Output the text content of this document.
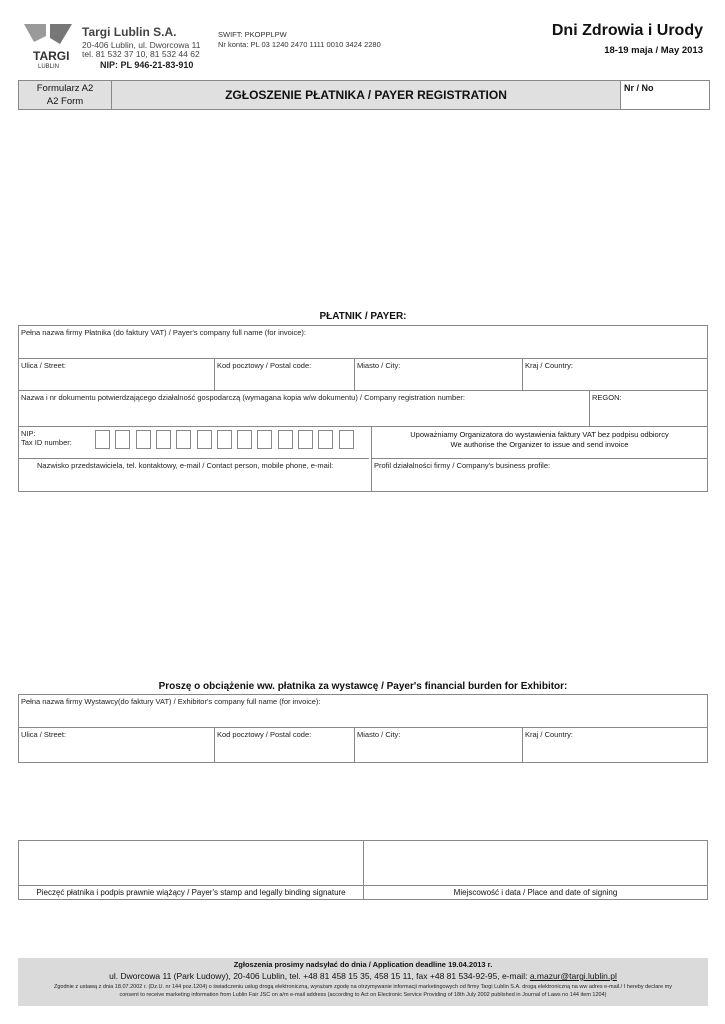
TARGI
LUBLIN
Targi Lublin S.A.
20-406 Lublin, ul. Dworcowa 11
tel. 81 532 37 10, 81 532 44 62
NIP: PL 946-21-83-910
SWIFT: PKOPPLPW
Nr konta: PL 03 1240 2470 1111 0010 3424 2280
Dni Zdrowia i Urody
18-19 maja / May 2013
Formularz A2
A2 Form	ZGŁOSZENIE PŁATNIKA / PAYER REGISTRATION	Nr / No
PŁATNIK / PAYER:
Pełna nazwa firmy Płatnika (do faktury VAT) / Payer's company full name (for invoice):
Ulica / Street:	Kod pocztowy / Postal code:	Miasto / City:	Kraj / Country:
Nazwa i nr dokumentu potwierdzającego działalność gospodarczą (wymagana kopia w/w dokumentu) / Company registration number:	REGON:
NIP:
Tax ID number:
Upoważniamy Organizatora do wystawienia faktury VAT bez podpisu odbiorcy
We authorise the Organizer to issue and send invoice
Nazwisko przedstawiciela, tel. kontaktowy, e-mail / Contact person, mobile phone, e-mail:	Profil działalności firmy / Company's business profile:
Proszę o obciążenie ww. płatnika za wystawcę / Payer's financial burden for Exhibitor:
Pełna nazwa firmy Wystawcy(do faktury VAT) / Exhibitor's company full name (for invoice):
Ulica / Street:	Kod pocztowy / Postal code:	Miasto / City:	Kraj / Country:
Pieczęć płatnika i podpis prawnie wiążący / Payer's stamp and legally binding signature	Miejscowość i data / Place and date of signing
Zgłoszenia prosimy nadsyłać do dnia / Application deadline 19.04.2013 r.
ul. Dworcowa 11 (Park Ludowy), 20-406 Lublin, tel. +48 81 458 15 35, 458 15 11, fax +48 81 534-92-95, e-mail: a.mazur@targi.lublin.pl
Zgodnie z ustawą z dnia 18.07.2002 r. (Dz.U. nr 144 poz.1204) o świadczeniu usług drogą elektroniczną, wyrażam zgodę na otrzymywanie informacji marketingowych od firmy Targi Lublin S.A. drogą elektroniczną na ww adres e-mail./ I hereby declare my
consent to receive marketing information from Lublin Fair JSC on a/m e-mail address (according to Act on Electronic Service Providing of 18th July 2002 published in Journal of Laws no 144 item 1204)
